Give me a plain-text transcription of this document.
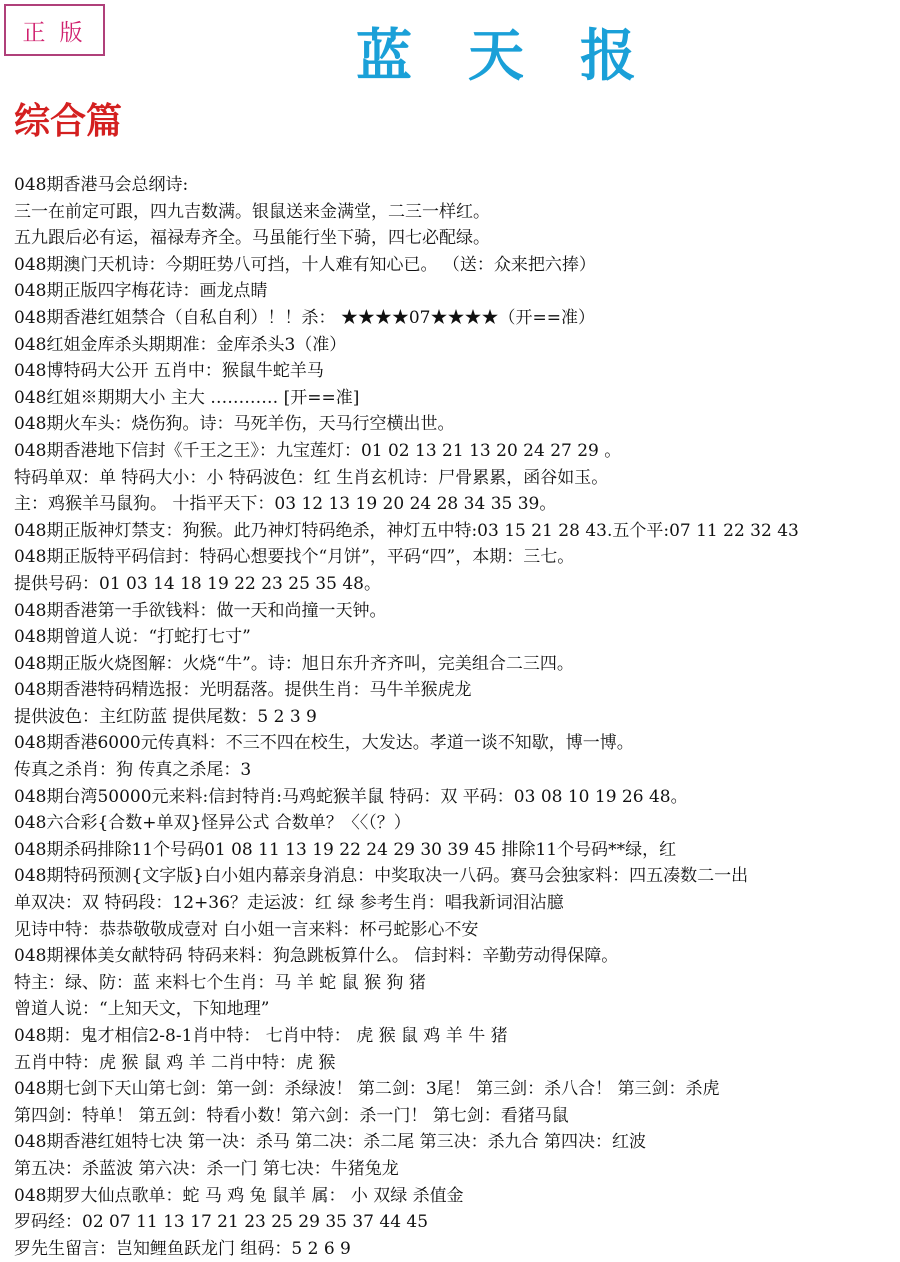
正版	蓝天报
综合篇
048期香港马会总纲诗:
三一在前定可跟，四九吉数满。银鼠送来金满堂，二三一样红。
五九跟后必有运，福禄寿齐全。马虽能行坐下骑，四七必配绿。
048期澳门天机诗：今期旺势八可挡，十人难有知心已。 （送：众来把六捧）
048期正版四字梅花诗：画龙点睛
048期香港红姐禁合（自私自利）！！杀： ★★★★07★★★★（开==准）
048红姐金库杀头期期准：金库杀头3（准）
048博特码大公开 五肖中：猴鼠牛蛇羊马
048红姐※期期大小 主大 ………… [开==准]
048期火车头：烧伤狗。诗：马死羊伤，天马行空横出世。
048期香港地下信封《千王之王》：九宝莲灯：01 02 13 21 13 20 24 27 29 。
特码单双：单 特码大小：小 特码波色：红 生肖玄机诗：尸骨累累，函谷如玉。
主：鸡猴羊马鼠狗。 十指平天下：03 12 13 19 20 24 28 34 35 39。
048期正版神灯禁支：狗猴。此乃神灯特码绝杀，神灯五中特:03 15 21 28 43.五个平:07 11 22 32 43
048期正版特平码信封：特码心想要找个“月饼”，平码“四”，本期：三七。
提供号码：01 03 14 18 19 22 23 25 35 48。
048期香港第一手欲钱料：做一天和尚撞一天钟。
048期曾道人说：“打蛇打七寸”
048期正版火烧图解：火烧“牛”。诗：旭日东升齐齐叫，完美组合二三四。
048期香港特码精选报：光明磊落。提供生肖：马牛羊猴虎龙
提供波色：主红防蓝 提供尾数：5 2 3 9
048期香港6000元传真料：不三不四在校生，大发达。孝道一谈不知歇，博一博。
传真之杀肖：狗 传真之杀尾：3
048期台湾50000元来料:信封特肖:马鸡蛇猴羊鼠 特码：双 平码：03 08 10 19 26 48。
048六合彩{合数+单双}怪异公式 合数单？〈〈（？）
048期杀码排除11个号码01 08 11 13 19 22 24 29 30 39 45 排除11个号码**绿，红
048期特码预测{文字版}白小姐内幕亲身消息：中奖取决一八码。赛马会独家料：四五凑数二一出
单双决：双 特码段：12+36？走运波：红 绿 参考生肖：唱我新词泪沾臆
见诗中特：恭恭敬敬成壹对 白小姐一言来料：杯弓蛇影心不安
048期裸体美女献特码 特码来料：狗急跳板算什么。 信封料：辛勤劳动得保障。
特主：绿、防：蓝 来料七个生肖：马 羊 蛇 鼠 猴 狗 猪
曾道人说：“上知天文，下知地理”
048期：鬼才相信2-8-1肖中特： 七肖中特： 虎 猴 鼠 鸡 羊 牛 猪
五肖中特：虎 猴 鼠 鸡 羊 二肖中特：虎 猴
048期七剑下天山第七剑：第一剑：杀绿波！ 第二剑：3尾！ 第三剑：杀八合！ 第三剑：杀虎
第四剑：特单！ 第五剑：特看小数！第六剑：杀一门！ 第七剑：看猪马鼠
048期香港红姐特七决 第一决：杀马 第二决：杀二尾 第三决：杀九合 第四决：红波
第五决：杀蓝波 第六决：杀一门 第七决：牛猪兔龙
048期罗大仙点歌单：蛇 马 鸡 兔 鼠羊 属： 小 双绿 杀值金
罗码经：02 07 11 13 17 21 23 25 29 35 37 44 45
罗先生留言：岂知鲤鱼跃龙门 组码：5 2 6 9
